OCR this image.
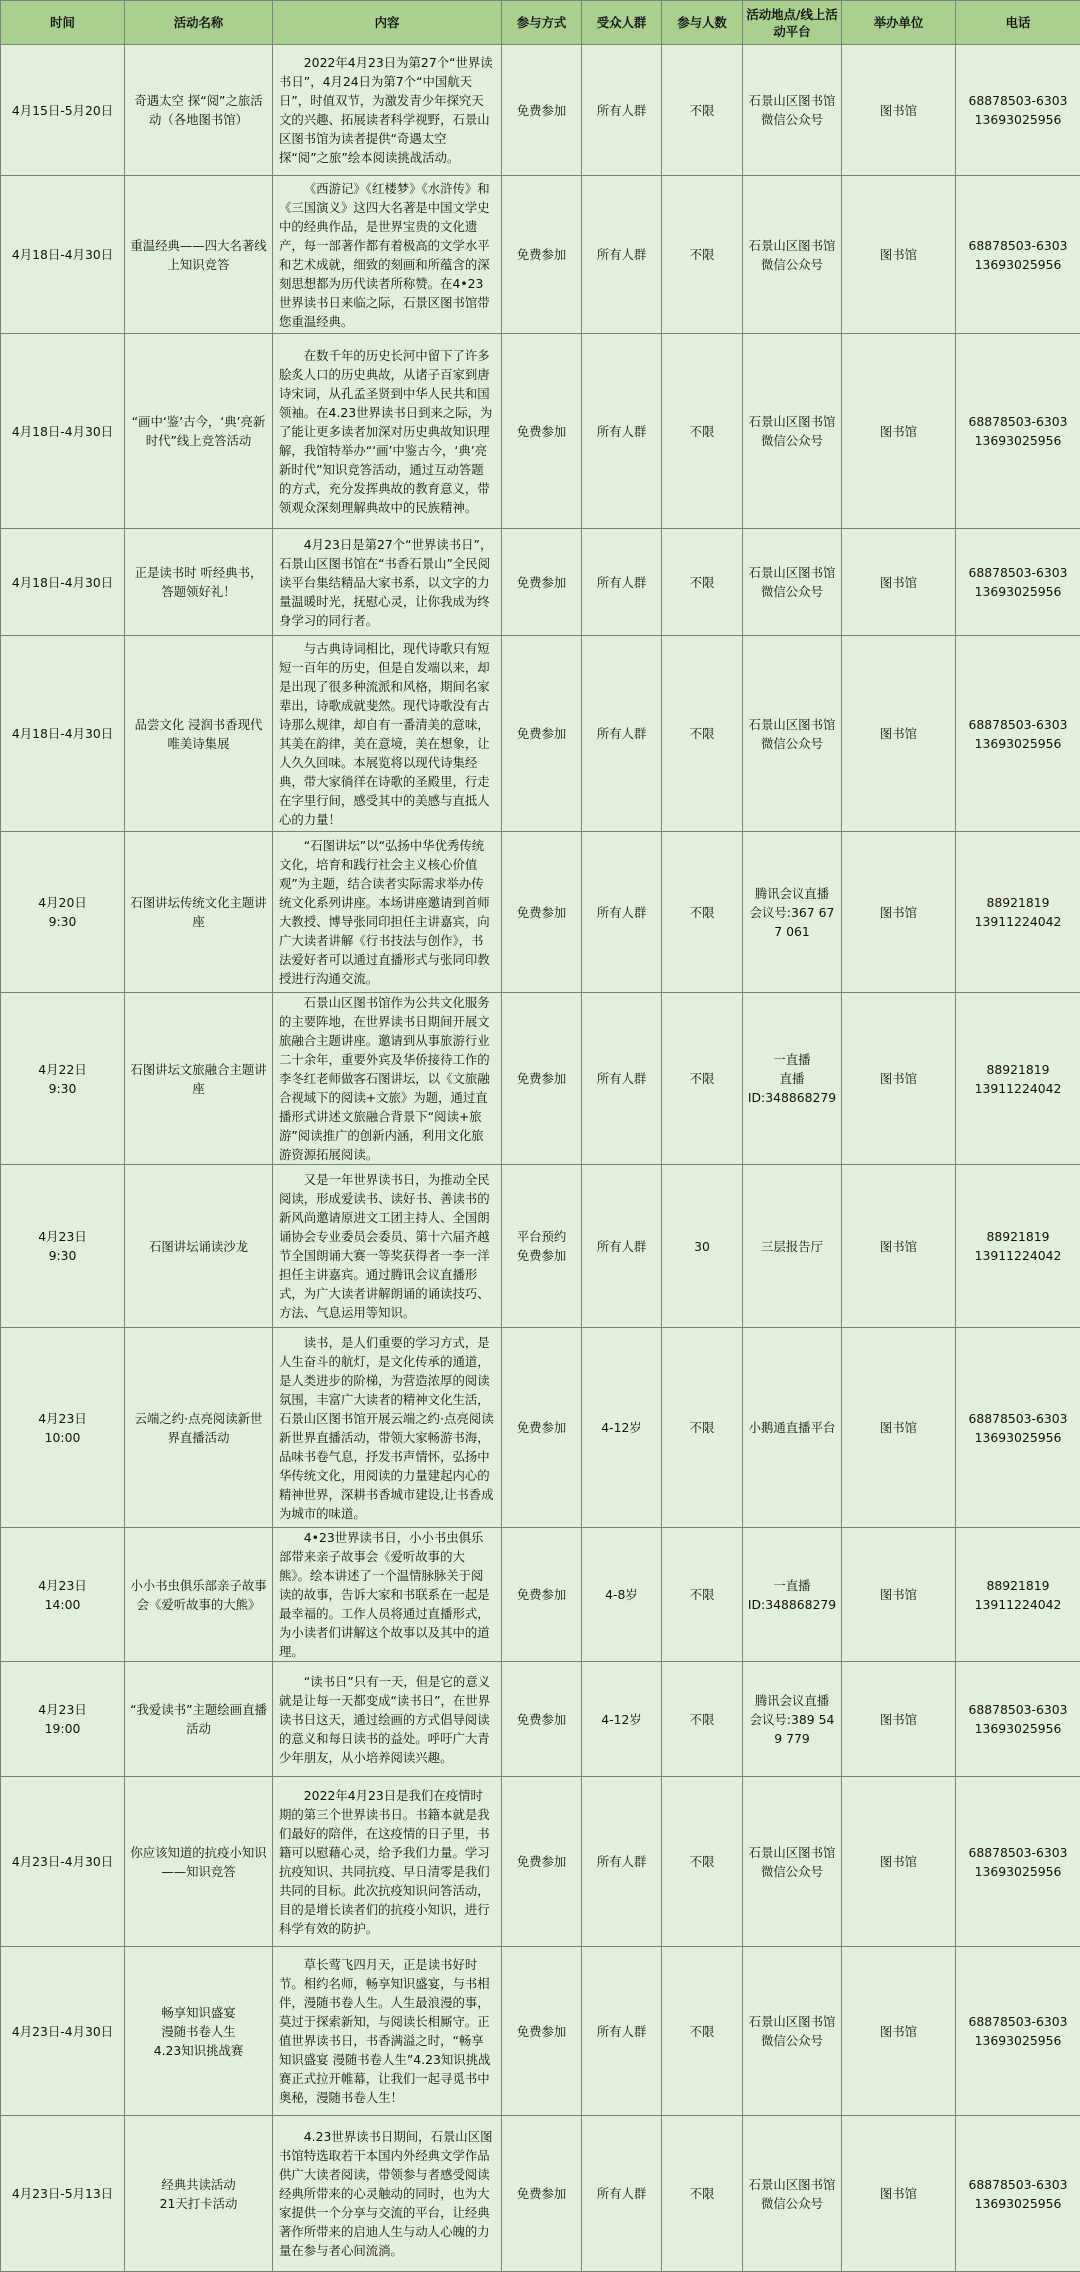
时间	活动名称	内容	参与方式	受众人群	参与人数	活动地点/线上活动平台	举办单位	电话

4月15日-5月20日	奇遇太空 探“阅”之旅活动（各地图书馆）	2022年4月23日为第27个“世界读书日”，4月24日为第7个“中国航天日”，时值双节，为激发青少年探究天文的兴趣、拓展读者科学视野，石景山区图书馆为读者提供“奇遇太空 探“阅”之旅”绘本阅读挑战活动。	免费参加	所有人群	不限	石景山区图书馆微信公众号	图书馆	68878503-6303
13693025956

4月18日-4月30日	重温经典——四大名著线上知识竞答	《西游记》《红楼梦》《水浒传》和《三国演义》这四大名著是中国文学史中的经典作品，是世界宝贵的文化遗产，每一部著作都有着极高的文学水平和艺术成就，细致的刻画和所蕴含的深刻思想都为历代读者所称赞。在4•23世界读书日来临之际，石景区图书馆带您重温经典。	免费参加	所有人群	不限	石景山区图书馆微信公众号	图书馆	68878503-6303
13693025956

4月18日-4月30日	“画中‘鉴’古今，‘典’亮新时代”线上竞答活动	在数千年的历史长河中留下了许多脍炙人口的历史典故，从诸子百家到唐诗宋词，从孔孟圣贤到中华人民共和国领袖。在4.23世界读书日到来之际，为了能让更多读者加深对历史典故知识理解，我馆特举办“‘画’中鉴古今，‘典’亮新时代”知识竞答活动，通过互动答题的方式，充分发挥典故的教育意义，带领观众深刻理解典故中的民族精神。	免费参加	所有人群	不限	石景山区图书馆微信公众号	图书馆	68878503-6303
13693025956

4月18日-4月30日	正是读书时 听经典书，答题领好礼！	4月23日是第27个“世界读书日”，石景山区图书馆在“书香石景山”全民阅读平台集结精品大家书系，以文字的力量温暖时光，抚慰心灵，让你我成为终身学习的同行者。	免费参加	所有人群	不限	石景山区图书馆微信公众号	图书馆	68878503-6303
13693025956

4月18日-4月30日	品尝文化 浸润书香现代唯美诗集展	与古典诗词相比，现代诗歌只有短短一百年的历史，但是自发端以来，却是出现了很多种流派和风格，期间名家辈出，诗歌成就斐然。现代诗歌没有古诗那么规律，却自有一番清美的意味，其美在韵律，美在意境，美在想象，让人久久回味。本展览将以现代诗集经典，带大家徜徉在诗歌的圣殿里，行走在字里行间，感受其中的美感与直抵人心的力量！	免费参加	所有人群	不限	石景山区图书馆微信公众号	图书馆	68878503-6303
13693025956

4月20日
9:30	石图讲坛传统文化主题讲座	“石图讲坛”以“弘扬中华优秀传统文化，培育和践行社会主义核心价值观”为主题，结合读者实际需求举办传统文化系列讲座。本场讲座邀请到首师大教授、博导张同印担任主讲嘉宾，向广大读者讲解《行书技法与创作》，书法爱好者可以通过直播形式与张同印教授进行沟通交流。	免费参加	所有人群	不限	腾讯会议直播
会议号:367 677 061	图书馆	88921819
13911224042

4月22日
9:30	石图讲坛文旅融合主题讲座	石景山区图书馆作为公共文化服务的主要阵地，在世界读书日期间开展文旅融合主题讲座。邀请到从事旅游行业二十余年，重要外宾及华侨接待工作的李冬红老师做客石图讲坛，以《文旅融合视域下的阅读+文旅》为题，通过直播形式讲述文旅融合背景下“阅读+旅游”阅读推广的创新内涵，利用文化旅游资源拓展阅读。	免费参加	所有人群	不限	一直播
直播
ID:348868279	图书馆	88921819
13911224042

4月23日
9:30	石图讲坛诵读沙龙	又是一年世界读书日，为推动全民阅读，形成爱读书、读好书、善读书的新风尚邀请原进文工团主持人、全国朗诵协会专业委员会委员、第十六届齐越节全国朗诵大赛一等奖获得者一李一洋担任主讲嘉宾。通过腾讯会议直播形式，为广大读者讲解朗诵的诵读技巧、方法、气息运用等知识。	平台预约
免费参加	所有人群	30	三层报告厅	图书馆	88921819
13911224042

4月23日
10:00	云端之约·点亮阅读新世界直播活动	读书，是人们重要的学习方式，是人生奋斗的航灯，是文化传承的通道，是人类进步的阶梯，为营造浓厚的阅读氛围，丰富广大读者的精神文化生活，石景山区图书馆开展云端之约·点亮阅读新世界直播活动，带领大家畅游书海，品味书卷气息，抒发书声情怀，弘扬中华传统文化，用阅读的力量建起内心的精神世界，深耕书香城市建设,让书香成为城市的味道。	免费参加	4-12岁	不限	小鹅通直播平台	图书馆	68878503-6303
13693025956

4月23日
14:00	小小书虫俱乐部亲子故事会《爱听故事的大熊》	4•23世界读书日，小小书虫俱乐部带来亲子故事会《爱听故事的大熊》。绘本讲述了一个温情脉脉关于阅读的故事，告诉大家和书联系在一起是最幸福的。工作人员将通过直播形式，为小读者们讲解这个故事以及其中的道理。	免费参加	4-8岁	不限	一直播
ID:348868279	图书馆	88921819
13911224042

4月23日
19:00	“我爱读书”主题绘画直播活动	“读书日”只有一天，但是它的意义就是让每一天都变成“读书日”，在世界读书日这天，通过绘画的方式倡导阅读的意义和每日读书的益处。呼吁广大青少年朋友，从小培养阅读兴趣。	免费参加	4-12岁	不限	腾讯会议直播
会议号:389 549 779	图书馆	68878503-6303
13693025956

4月23日-4月30日	你应该知道的抗疫小知识——知识竞答	2022年4月23日是我们在疫情时期的第三个世界读书日。书籍本就是我们最好的陪伴，在这疫情的日子里，书籍可以慰藉心灵，给予我们力量。学习抗疫知识、共同抗疫、早日清零是我们共同的目标。此次抗疫知识问答活动，目的是增长读者们的抗疫小知识，进行科学有效的防护。	免费参加	所有人群	不限	石景山区图书馆微信公众号	图书馆	68878503-6303
13693025956

4月23日-4月30日	畅享知识盛宴
漫随书卷人生
4.23知识挑战赛	草长莺飞四月天，正是读书好时节。相约名师，畅享知识盛宴，与书相伴，漫随书卷人生。人生最浪漫的事，莫过于探索新知，与阅读长相厮守。正值世界读书日，书香满溢之时，“畅享知识盛宴 漫随书卷人生”4.23知识挑战赛正式拉开帷幕，让我们一起寻觅书中奥秘，漫随书卷人生！	免费参加	所有人群	不限	石景山区图书馆微信公众号	图书馆	68878503-6303
13693025956

4月23日-5月13日	经典共读活动
21天打卡活动	4.23世界读书日期间，石景山区图书馆特选取若干本国内外经典文学作品供广大读者阅读，带领参与者感受阅读经典所带来的心灵触动的同时，也为大家提供一个分享与交流的平台，让经典著作所带来的启迪人生与动人心魄的力量在参与者心间流淌。	免费参加	所有人群	不限	石景山区图书馆微信公众号	图书馆	68878503-6303
13693025956
